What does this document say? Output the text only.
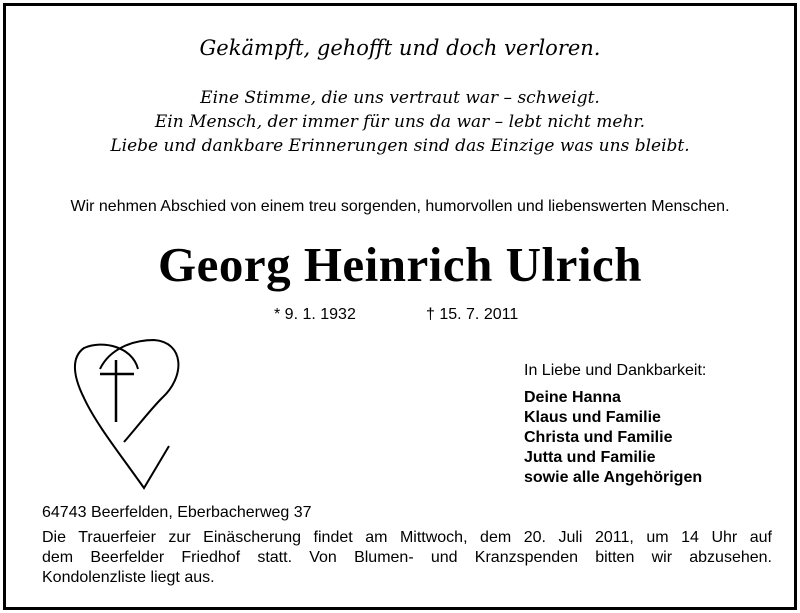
Gekämpft, gehofft und doch verloren.
Eine Stimme, die uns vertraut war – schweigt.
Ein Mensch, der immer für uns da war – lebt nicht mehr.
Liebe und dankbare Erinnerungen sind das Einzige was uns bleibt.
Wir nehmen Abschied von einem treu sorgenden, humorvollen und liebenswerten Menschen.
Georg Heinrich Ulrich
* 9. 1. 1932	† 15. 7. 2011
In Liebe und Dankbarkeit:
Deine Hanna
Klaus und Familie
Christa und Familie
Jutta und Familie
sowie alle Angehörigen
64743 Beerfelden, Eberbacherweg 37
Die Trauerfeier zur Einäscherung findet am Mittwoch, dem 20. Juli 2011, um 14 Uhr auf
dem Beerfelder Friedhof statt. Von Blumen- und Kranzspenden bitten wir abzusehen.
Kondolenzliste liegt aus.
